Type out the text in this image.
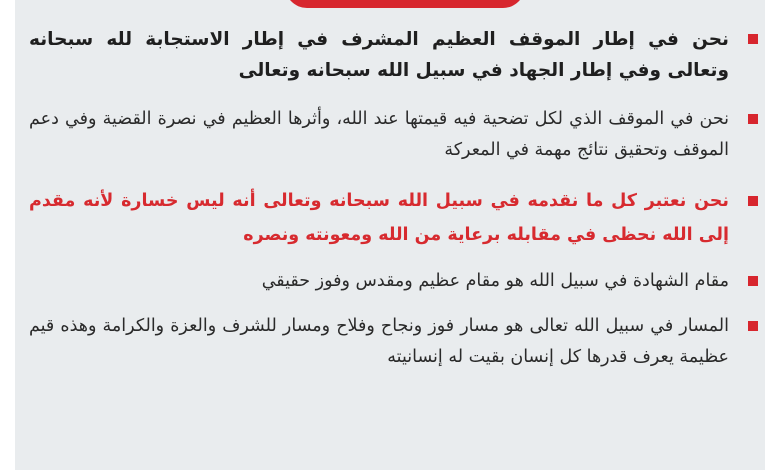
نحن في إطار الموقف العظيم المشرف في إطار الاستجابة لله سبحانه وتعالى وفي إطار الجهاد في سبيل الله سبحانه وتعالى
نحن في الموقف الذي لكل تضحية فيه قيمتها عند الله، وأثرها العظيم في نصرة القضية وفي دعم الموقف وتحقيق نتائج مهمة في المعركة
نحن نعتبر كل ما نقدمه في سبيل الله سبحانه وتعالى أنه ليس خسارة لأنه مقدم إلى الله نحظى في مقابله برعاية من الله ومعونته ونصره
مقام الشهادة في سبيل الله هو مقام عظيم ومقدس وفوز حقيقي
المسار في سبيل الله تعالى هو مسار فوز ونجاح وفلاح ومسار للشرف والعزة والكرامة وهذه قيم عظيمة يعرف قدرها كل إنسان بقيت له إنسانيته
